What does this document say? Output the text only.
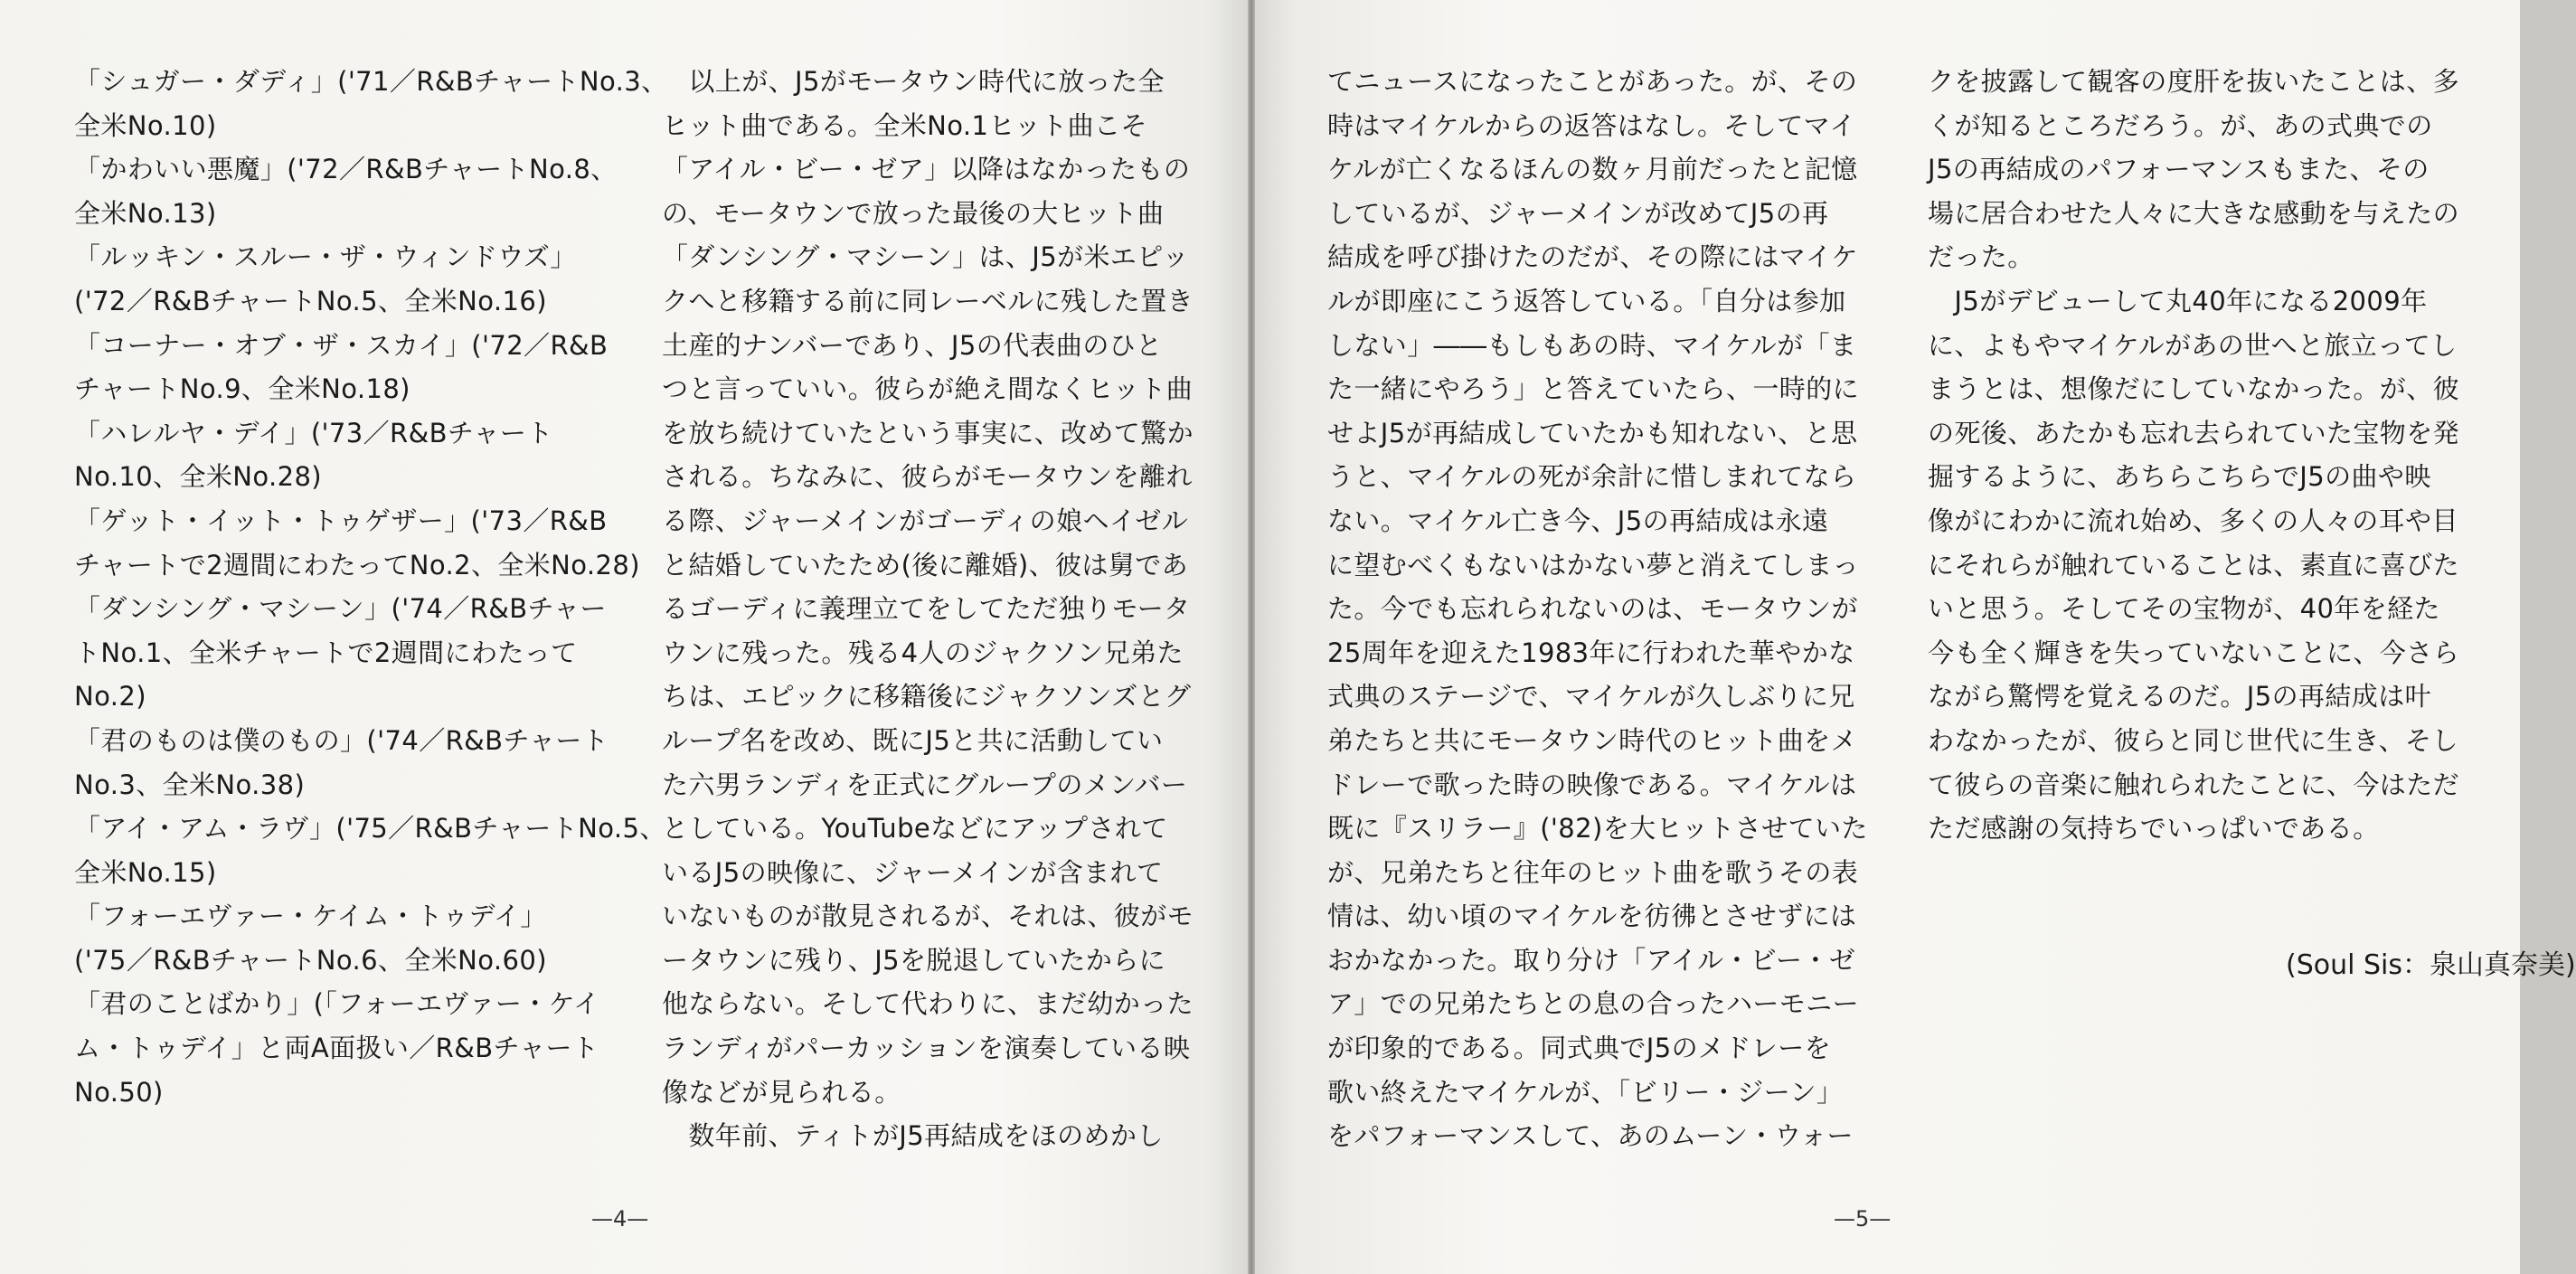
「シュガー・ダディ」('71／R&BチャートNo.3、
全米No.10)
「かわいい悪魔」('72／R&BチャートNo.8、
全米No.13)
「ルッキン・スルー・ザ・ウィンドウズ」
('72／R&BチャートNo.5、全米No.16)
「コーナー・オブ・ザ・スカイ」('72／R&B
チャートNo.9、全米No.18)
「ハレルヤ・デイ」('73／R&Bチャート
No.10、全米No.28)
「ゲット・イット・トゥゲザー」('73／R&B
チャートで2週間にわたってNo.2、全米No.28)
「ダンシング・マシーン」('74／R&Bチャー
トNo.1、全米チャートで2週間にわたって
No.2)
「君のものは僕のもの」('74／R&Bチャート
No.3、全米No.38)
「アイ・アム・ラヴ」('75／R&BチャートNo.5、
全米No.15)
「フォーエヴァー・ケイム・トゥデイ」
('75／R&BチャートNo.6、全米No.60)
「君のことばかり」(「フォーエヴァー・ケイ
ム・トゥデイ」と両A面扱い／R&Bチャート
No.50)
　以上が、J5がモータウン時代に放った全
ヒット曲である。全米No.1ヒット曲こそ
「アイル・ビー・ゼア」以降はなかったもの
の、モータウンで放った最後の大ヒット曲
「ダンシング・マシーン」は、J5が米エピッ
クへと移籍する前に同レーベルに残した置き
土産的ナンバーであり、J5の代表曲のひと
つと言っていい。彼らが絶え間なくヒット曲
を放ち続けていたという事実に、改めて驚か
される。ちなみに、彼らがモータウンを離れ
る際、ジャーメインがゴーディの娘ヘイゼル
と結婚していたため(後に離婚)、彼は舅であ
るゴーディに義理立てをしてただ独りモータ
ウンに残った。残る4人のジャクソン兄弟た
ちは、エピックに移籍後にジャクソンズとグ
ループ名を改め、既にJ5と共に活動してい
た六男ランディを正式にグループのメンバー
としている。YouTubeなどにアップされて
いるJ5の映像に、ジャーメインが含まれて
いないものが散見されるが、それは、彼がモ
ータウンに残り、J5を脱退していたからに
他ならない。そして代わりに、まだ幼かった
ランディがパーカッションを演奏している映
像などが見られる。
　数年前、ティトがJ5再結成をほのめかし
—4—
てニュースになったことがあった。が、その
時はマイケルからの返答はなし。そしてマイ
ケルが亡くなるほんの数ヶ月前だったと記憶
しているが、ジャーメインが改めてJ5の再
結成を呼び掛けたのだが、その際にはマイケ
ルが即座にこう返答している。「自分は参加
しない」――もしもあの時、マイケルが「ま
た一緒にやろう」と答えていたら、一時的に
せよJ5が再結成していたかも知れない、と思
うと、マイケルの死が余計に惜しまれてなら
ない。マイケル亡き今、J5の再結成は永遠
に望むべくもないはかない夢と消えてしまっ
た。今でも忘れられないのは、モータウンが
25周年を迎えた1983年に行われた華やかな
式典のステージで、マイケルが久しぶりに兄
弟たちと共にモータウン時代のヒット曲をメ
ドレーで歌った時の映像である。マイケルは
既に『スリラー』('82)を大ヒットさせていた
が、兄弟たちと往年のヒット曲を歌うその表
情は、幼い頃のマイケルを彷彿とさせずには
おかなかった。取り分け「アイル・ビー・ゼ
ア」での兄弟たちとの息の合ったハーモニー
が印象的である。同式典でJ5のメドレーを
歌い終えたマイケルが、「ビリー・ジーン」
をパフォーマンスして、あのムーン・ウォー
クを披露して観客の度肝を抜いたことは、多
くが知るところだろう。が、あの式典での
J5の再結成のパフォーマンスもまた、その
場に居合わせた人々に大きな感動を与えたの
だった。
　J5がデビューして丸40年になる2009年
に、よもやマイケルがあの世へと旅立ってし
まうとは、想像だにしていなかった。が、彼
の死後、あたかも忘れ去られていた宝物を発
掘するように、あちらこちらでJ5の曲や映
像がにわかに流れ始め、多くの人々の耳や目
にそれらが触れていることは、素直に喜びた
いと思う。そしてその宝物が、40年を経た
今も全く輝きを失っていないことに、今さら
ながら驚愕を覚えるのだ。J5の再結成は叶
わなかったが、彼らと同じ世代に生き、そし
て彼らの音楽に触れられたことに、今はただ
ただ感謝の気持ちでいっぱいである。
(Soul Sis：泉山真奈美)
—5—
